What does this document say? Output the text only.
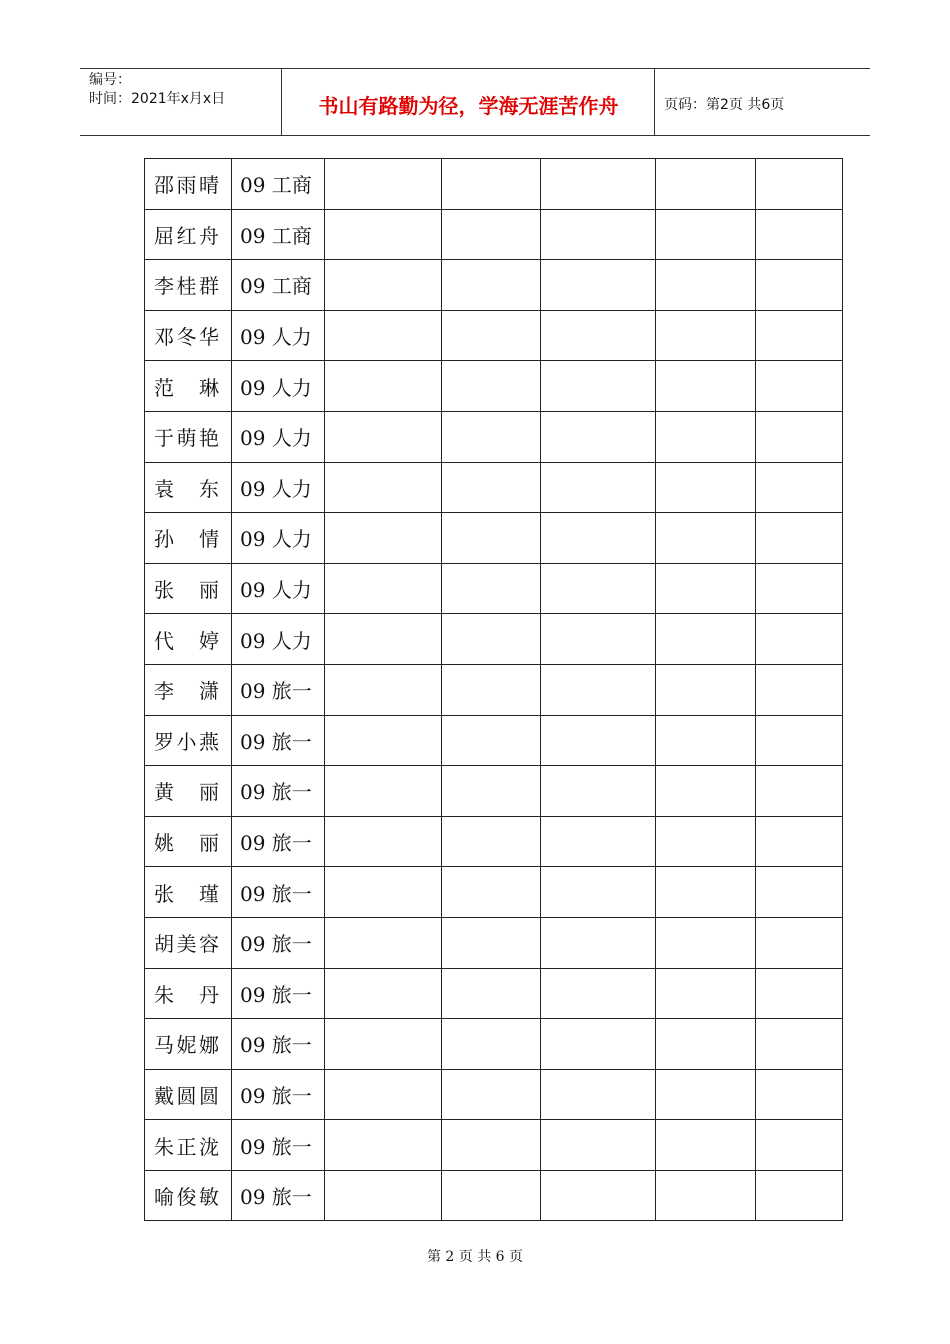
编号：
时间：2021年x月x日	书山有路勤为径，学海无涯苦作舟	页码：第2页 共6页
邵 雨 晴	09 工商					

屈 红 舟	09 工商					

李 桂 群	09 工商					

邓 冬 华	09 人力					

范 琳	09 人力					

于 萌 艳	09 人力					

袁 东	09 人力					

孙 情	09 人力					

张 丽	09 人力					

代 婷	09 人力					

李 潇	09 旅一					

罗 小 燕	09 旅一					

黄 丽	09 旅一					

姚 丽	09 旅一					

张 瑾	09 旅一					

胡 美 容	09 旅一					

朱 丹	09 旅一					

马 妮 娜	09 旅一					

戴 圆 圆	09 旅一					

朱 正 泷	09 旅一					

喻 俊 敏	09 旅一					

第 2 页 共 6 页
